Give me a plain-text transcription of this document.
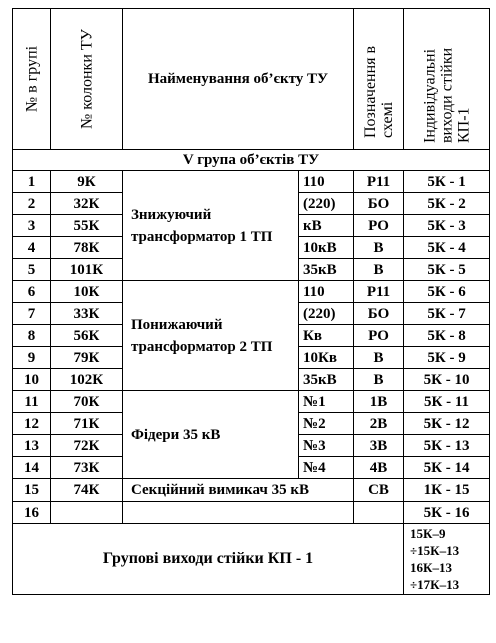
№ в групі	№ колонки ТУ	Найменування об’єкту ТУ		Позначення в схемі	Індивідуальні виходи стійки КП-1

V група об’єктів ТУ					
1	9К	Знижуючий трансформатор 1 ТП	110	Р11	5К - 1
2	32К		(220)	БО	5К - 2
3	55К		кВ	РО	5К - 3
4	78К		10кВ	В	5К - 4
5	101К		35кВ	В	5К - 5
6	10К	Понижаючий трансформатор 2 ТП	110	Р11	5К - 6
7	33К		(220)	БО	5К - 7
8	56К		Кв	РО	5К - 8
9	79К		10Кв	В	5К - 9
10	102К		35кВ	В	5К - 10
11	70К	Фідери 35 кВ	№1	1В	5К - 11
12	71К		№2	2В	5К - 12
13	72К		№3	3В	5К - 13
14	73К		№4	4В	5К - 14
15	74К	Секційний вимикач 35 кВ		СВ	1К - 15
16					5К - 16
Групові виходи стійки КП - 1					15К–9
÷15К–13
16К–13
÷17К–13
